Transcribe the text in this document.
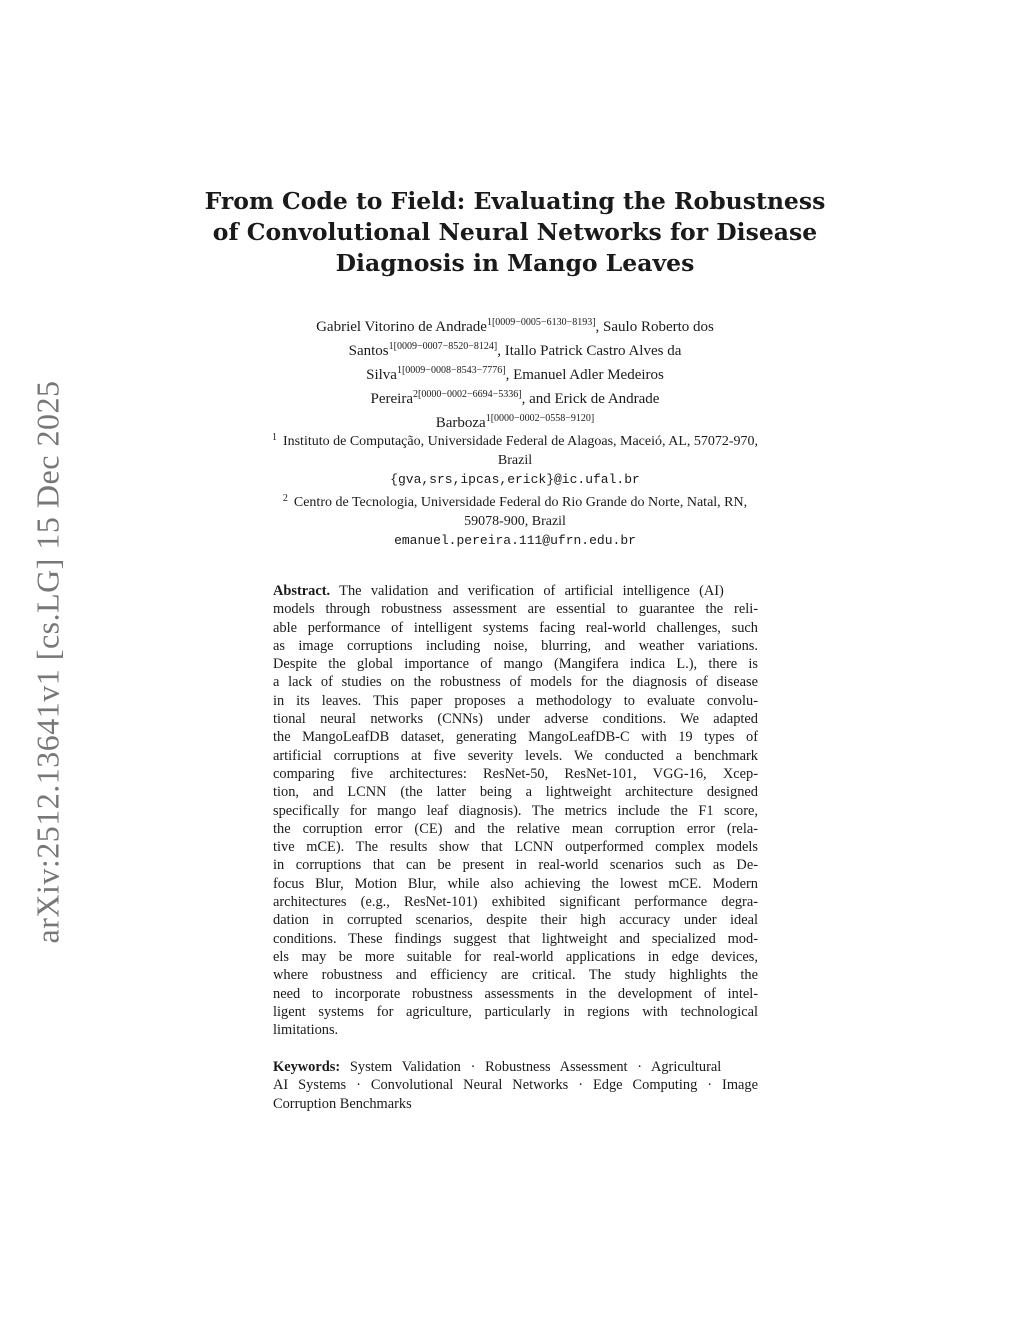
arXiv:2512.13641v1 [cs.LG] 15 Dec 2025
From Code to Field: Evaluating the Robustness
of Convolutional Neural Networks for Disease
Diagnosis in Mango Leaves
Gabriel Vitorino de Andrade$^{1[0009-0005-6130-8193]}$, Saulo Roberto dos
Santos$^{1[0009-0007-8520-8124]}$, Itallo Patrick Castro Alves da
Silva$^{1[0009-0008-8543-7776]}$, Emanuel Adler Medeiros
Pereira$^{2[0000-0002-6694-5336]}$, and Erick de Andrade
Barboza$^{1[0000-0002-0558-9120]}$
$^1$ Instituto de Computação, Universidade Federal de Alagoas, Maceió, AL, 57072-970,
Brazil
{gva,srs,ipcas,erick}@ic.ufal.br
$^2$ Centro de Tecnologia, Universidade Federal do Rio Grande do Norte, Natal, RN,
59078-900, Brazil
emanuel.pereira.111@ufrn.edu.br
Abstract. The validation and verification of artificial intelligence (AI)
models through robustness assessment are essential to guarantee the reli-
able performance of intelligent systems facing real-world challenges, such
as image corruptions including noise, blurring, and weather variations.
Despite the global importance of mango (Mangifera indica L.), there is
a lack of studies on the robustness of models for the diagnosis of disease
in its leaves. This paper proposes a methodology to evaluate convolu-
tional neural networks (CNNs) under adverse conditions. We adapted
the MangoLeafDB dataset, generating MangoLeafDB-C with 19 types of
artificial corruptions at five severity levels. We conducted a benchmark
comparing five architectures: ResNet-50, ResNet-101, VGG-16, Xcep-
tion, and LCNN (the latter being a lightweight architecture designed
specifically for mango leaf diagnosis). The metrics include the F1 score,
the corruption error (CE) and the relative mean corruption error (rela-
tive mCE). The results show that LCNN outperformed complex models
in corruptions that can be present in real-world scenarios such as De-
focus Blur, Motion Blur, while also achieving the lowest mCE. Modern
architectures (e.g., ResNet-101) exhibited significant performance degra-
dation in corrupted scenarios, despite their high accuracy under ideal
conditions. These findings suggest that lightweight and specialized mod-
els may be more suitable for real-world applications in edge devices,
where robustness and efficiency are critical. The study highlights the
need to incorporate robustness assessments in the development of intel-
ligent systems for agriculture, particularly in regions with technological
limitations.
Keywords: System Validation · Robustness Assessment · Agricultural
AI Systems · Convolutional Neural Networks · Edge Computing · Image
Corruption Benchmarks
